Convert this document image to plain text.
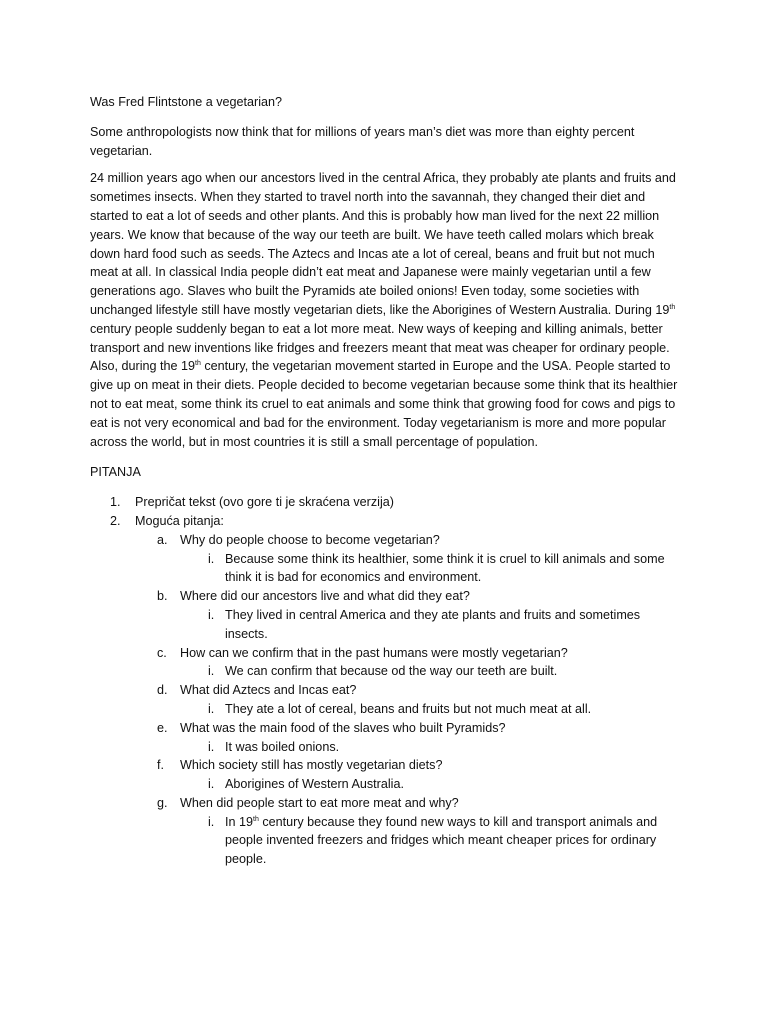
Was Fred Flintstone a vegetarian?

Some anthropologists now think that for millions of years man’s diet was more than eighty percent vegetarian.

24 million years ago when our ancestors lived in the central Africa, they probably ate plants and fruits and sometimes insects. When they started to travel north into the savannah, they changed their diet and started to eat a lot of seeds and other plants. And this is probably how man lived for the next 22 million years. We know that because of the way our teeth are built. We have teeth called molars which break down hard food such as seeds. The Aztecs and Incas ate a lot of cereal, beans and fruit but not much meat at all. In classical India people didn’t eat meat and Japanese were mainly vegetarian until a few generations ago. Slaves who built the Pyramids ate boiled onions! Even today, some societies with unchanged lifestyle still have mostly vegetarian diets, like the Aborigines of Western Australia. During 19th century people suddenly began to eat a lot more meat. New ways of keeping and killing animals, better transport and new inventions like fridges and freezers meant that meat was cheaper for ordinary people. Also, during the 19th century, the vegetarian movement started in Europe and the USA. People started to give up on meat in their diets. People decided to become vegetarian because some think that its healthier not to eat meat, some think its cruel to eat animals and some think that growing food for cows and pigs to eat is not very economical and bad for the environment. Today vegetarianism is more and more popular across the world, but in most countries it is still a small percentage of population.

PITANJA

1. Prepričat tekst (ovo gore ti je skraćena verzija)
2. Moguća pitanja:
a. Why do people choose to become vegetarian?
i. Because some think its healthier, some think it is cruel to kill animals and some think it is bad for economics and environment.
b. Where did our ancestors live and what did they eat?
i. They lived in central America and they ate plants and fruits and sometimes insects.
c. How can we confirm that in the past humans were mostly vegetarian?
i. We can confirm that because od the way our teeth are built.
d. What did Aztecs and Incas eat?
i. They ate a lot of cereal, beans and fruits but not much meat at all.
e. What was the main food of the slaves who built Pyramids?
i. It was boiled onions.
f. Which society still has mostly vegetarian diets?
i. Aborigines of Western Australia.
g. When did people start to eat more meat and why?
i. In 19th century because they found new ways to kill and transport animals and people invented freezers and fridges which meant cheaper prices for ordinary people.
